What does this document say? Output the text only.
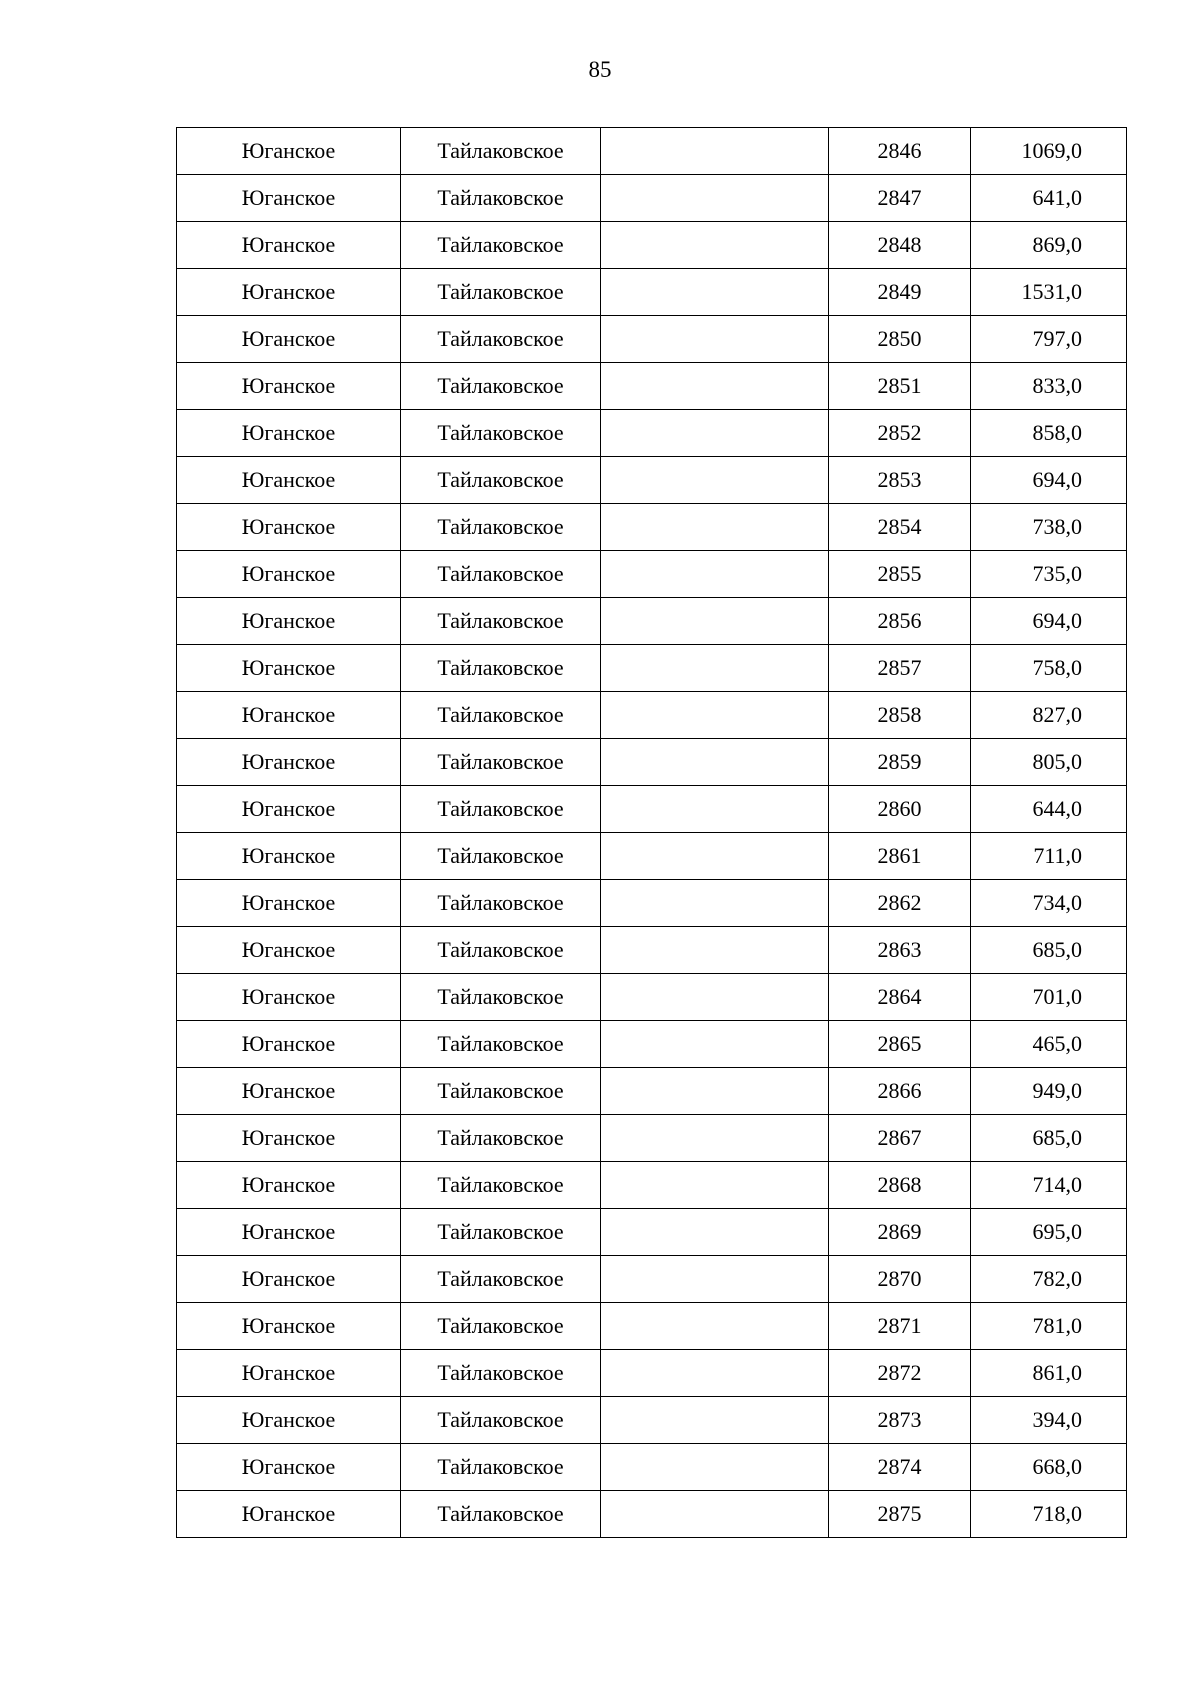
85
Юганское	Тайлаковское		2846	1069,0
Юганское	Тайлаковское		2847	641,0
Юганское	Тайлаковское		2848	869,0
Юганское	Тайлаковское		2849	1531,0
Юганское	Тайлаковское		2850	797,0
Юганское	Тайлаковское		2851	833,0
Юганское	Тайлаковское		2852	858,0
Юганское	Тайлаковское		2853	694,0
Юганское	Тайлаковское		2854	738,0
Юганское	Тайлаковское		2855	735,0
Юганское	Тайлаковское		2856	694,0
Юганское	Тайлаковское		2857	758,0
Юганское	Тайлаковское		2858	827,0
Юганское	Тайлаковское		2859	805,0
Юганское	Тайлаковское		2860	644,0
Юганское	Тайлаковское		2861	711,0
Юганское	Тайлаковское		2862	734,0
Юганское	Тайлаковское		2863	685,0
Юганское	Тайлаковское		2864	701,0
Юганское	Тайлаковское		2865	465,0
Юганское	Тайлаковское		2866	949,0
Юганское	Тайлаковское		2867	685,0
Юганское	Тайлаковское		2868	714,0
Юганское	Тайлаковское		2869	695,0
Юганское	Тайлаковское		2870	782,0
Юганское	Тайлаковское		2871	781,0
Юганское	Тайлаковское		2872	861,0
Юганское	Тайлаковское		2873	394,0
Юганское	Тайлаковское		2874	668,0
Юганское	Тайлаковское		2875	718,0
